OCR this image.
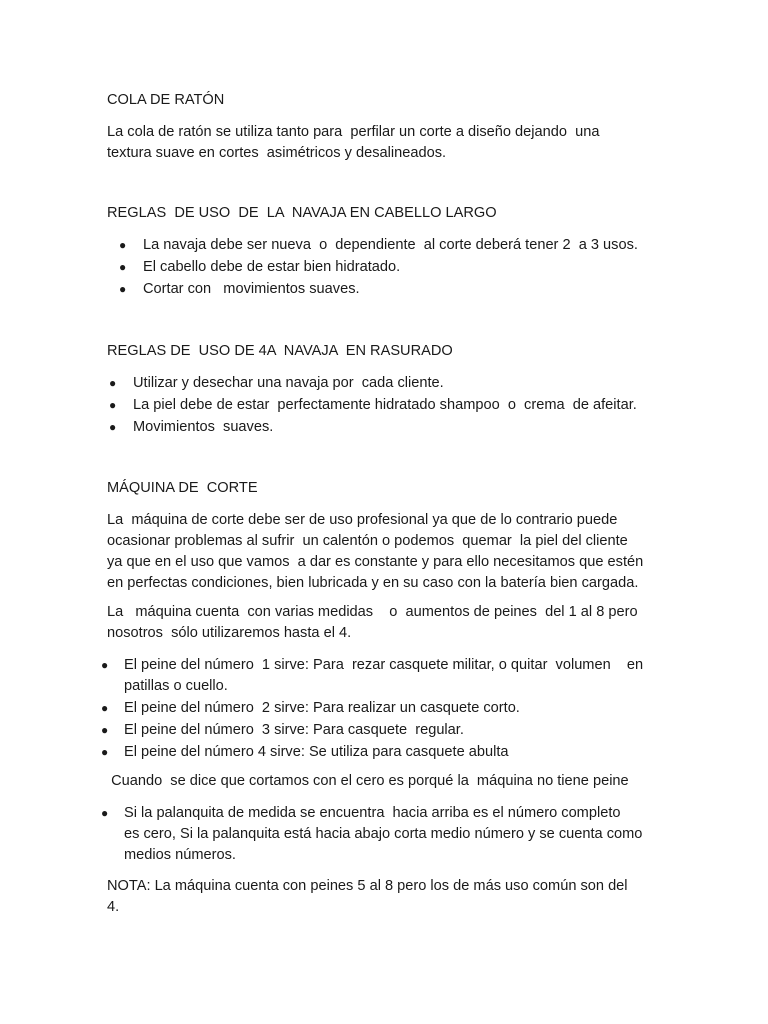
COLA DE RATÓN

La cola de ratón se utiliza tanto para  perfilar un corte a diseño dejando  una
textura suave en cortes  asimétricos y desalineados.

REGLAS  DE USO  DE  LA  NAVAJA EN CABELLO LARGO

● La navaja debe ser nueva  o  dependiente  al corte deberá tener 2  a 3 usos.
● El cabello debe de estar bien hidratado.
● Cortar con   movimientos suaves.

REGLAS DE  USO DE 4A  NAVAJA  EN RASURADO

● Utilizar y desechar una navaja por  cada cliente.
● La piel debe de estar  perfectamente hidratado shampoo  o  crema  de afeitar.
● Movimientos  suaves.

MÁQUINA DE  CORTE

La  máquina de corte debe ser de uso profesional ya que de lo contrario puede
ocasionar problemas al sufrir  un calentón o podemos  quemar  la piel del cliente
ya que en el uso que vamos  a dar es constante y para ello necesitamos que estén
en perfectas condiciones, bien lubricada y en su caso con la batería bien cargada.

La   máquina cuenta  con varias medidas    o  aumentos de peines  del 1 al 8 pero
nosotros  sólo utilizaremos hasta el 4.

● El peine del número  1 sirve: Para  rezar casquete militar, o quitar  volumen    en
patillas o cuello.
● El peine del número  2 sirve: Para realizar un casquete corto.
● El peine del número  3 sirve: Para casquete  regular.
● El peine del número 4 sirve: Se utiliza para casquete abulta

Cuando  se dice que cortamos con el cero es porqué la  máquina no tiene peine

● Si la palanquita de medida se encuentra  hacia arriba es el número completo
es cero, Si la palanquita está hacia abajo corta medio número y se cuenta como
medios números.

NOTA: La máquina cuenta con peines 5 al 8 pero los de más uso común son del
4.
